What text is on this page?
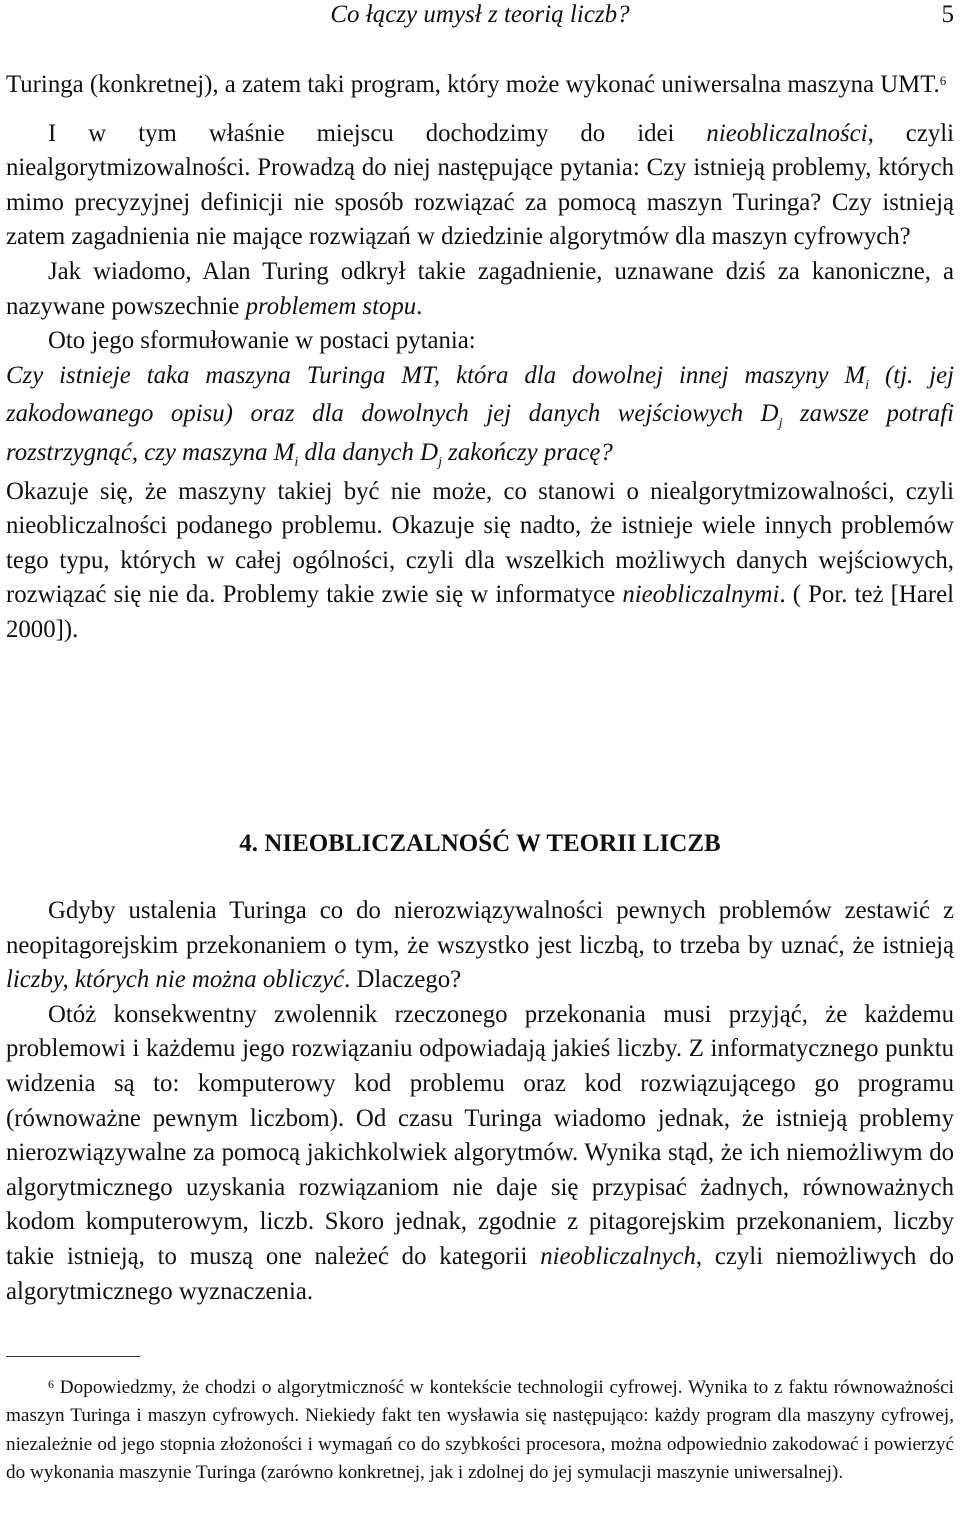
Co łączy umysł z teorią liczb?	5

Turinga (konkretnej), a zatem taki program, który może wykonać uniwersalna maszyna UMT.$^6$

I w tym właśnie miejscu dochodzimy do idei nieobliczalności, czyli niealgorytmizowalności. Prowadzą do niej następujące pytania: Czy istnieją problemy, których mimo precyzyjnej definicji nie sposób rozwiązać za pomocą maszyn Turinga? Czy istnieją zatem zagadnienia nie mające rozwiązań w dziedzinie algorytmów dla maszyn cyfrowych?

Jak wiadomo, Alan Turing odkrył takie zagadnienie, uznawane dziś za kanoniczne, a nazywane powszechnie problemem stopu.

Oto jego sformułowanie w postaci pytania:

Czy istnieje taka maszyna Turinga MT, która dla dowolnej innej maszyny $M_i$ (tj. jej zakodowanego opisu) oraz dla dowolnych jej danych wejściowych $D_j$ zawsze potrafi rozstrzygnąć, czy maszyna $M_i$ dla danych $D_j$ zakończy pracę?

Okazuje się, że maszyny takiej być nie może, co stanowi o niealgorytmizowalności, czyli nieobliczalności podanego problemu. Okazuje się nadto, że istnieje wiele innych problemów tego typu, których w całej ogólności, czyli dla wszelkich możliwych danych wejściowych, rozwiązać się nie da. Problemy takie zwie się w informatyce nieobliczalnymi. ( Por. też [Harel 2000]).

4. NIEOBLICZALNOŚĆ W TEORII LICZB

Gdyby ustalenia Turinga co do nierozwiązywalności pewnych problemów zestawić z neopitagorejskim przekonaniem o tym, że wszystko jest liczbą, to trzeba by uznać, że istnieją liczby, których nie można obliczyć. Dlaczego?

Otóż konsekwentny zwolennik rzeczonego przekonania musi przyjąć, że każdemu problemowi i każdemu jego rozwiązaniu odpowiadają jakieś liczby. Z informatycznego punktu widzenia są to: komputerowy kod problemu oraz kod rozwiązującego go programu (równoważne pewnym liczbom). Od czasu Turinga wiadomo jednak, że istnieją problemy nierozwiązywalne za pomocą jakichkolwiek algorytmów. Wynika stąd, że ich niemożliwym do algorytmicznego uzyskania rozwiązaniom nie daje się przypisać żadnych, równoważnych kodom komputerowym, liczb. Skoro jednak, zgodnie z pitagorejskim przekonaniem, liczby takie istnieją, to muszą one należeć do kategorii nieobliczalnych, czyli niemożliwych do algorytmicznego wyznaczenia.

$^6$ Dopowiedzmy, że chodzi o algorytmiczność w kontekście technologii cyfrowej. Wynika to z faktu równoważności maszyn Turinga i maszyn cyfrowych. Niekiedy fakt ten wysławia się następująco: każdy program dla maszyny cyfrowej, niezależnie od jego stopnia złożoności i wymagań co do szybkości procesora, można odpowiednio zakodować i powierzyć do wykonania maszynie Turinga (zarówno konkretnej, jak i zdolnej do jej symulacji maszynie uniwersalnej).
